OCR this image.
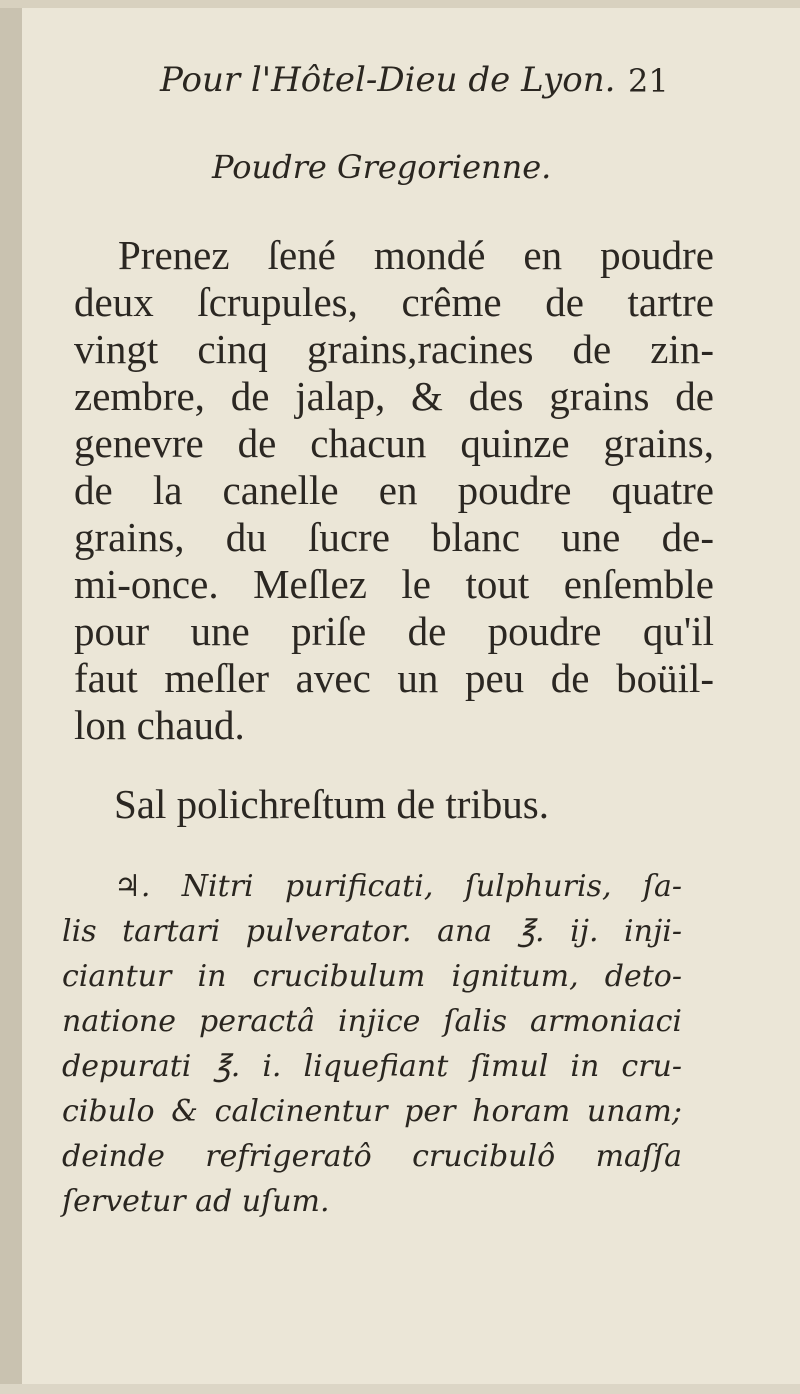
Pour l'Hôtel-Dieu de Lyon. 21
Poudre Gregorienne.
Prenez ſené mondé en poudre
deux ſcrupules, crême de tartre
vingt cinq grains,racines de zin-
zembre, de jalap, & des grains de
genevre de chacun quinze grains,
de la canelle en poudre quatre
grains, du ſucre blanc une de-
mi-once. Meſlez le tout enſemble
pour une priſe de poudre qu'il
faut meſler avec un peu de boüil-
lon chaud.
Sal polichreſtum de tribus.
♃. Nitri purificati, ſulphuris, ſa-
lis tartari pulverator. ana ℥. ij. inji-
ciantur in crucibulum ignitum, deto-
natione peractâ injice ſalis armoniaci
depurati ℥. i. liquefiant ſimul in cru-
cibulo & calcinentur per horam unam;
deinde refrigeratô crucibulô maſſa
ſervetur ad uſum.
